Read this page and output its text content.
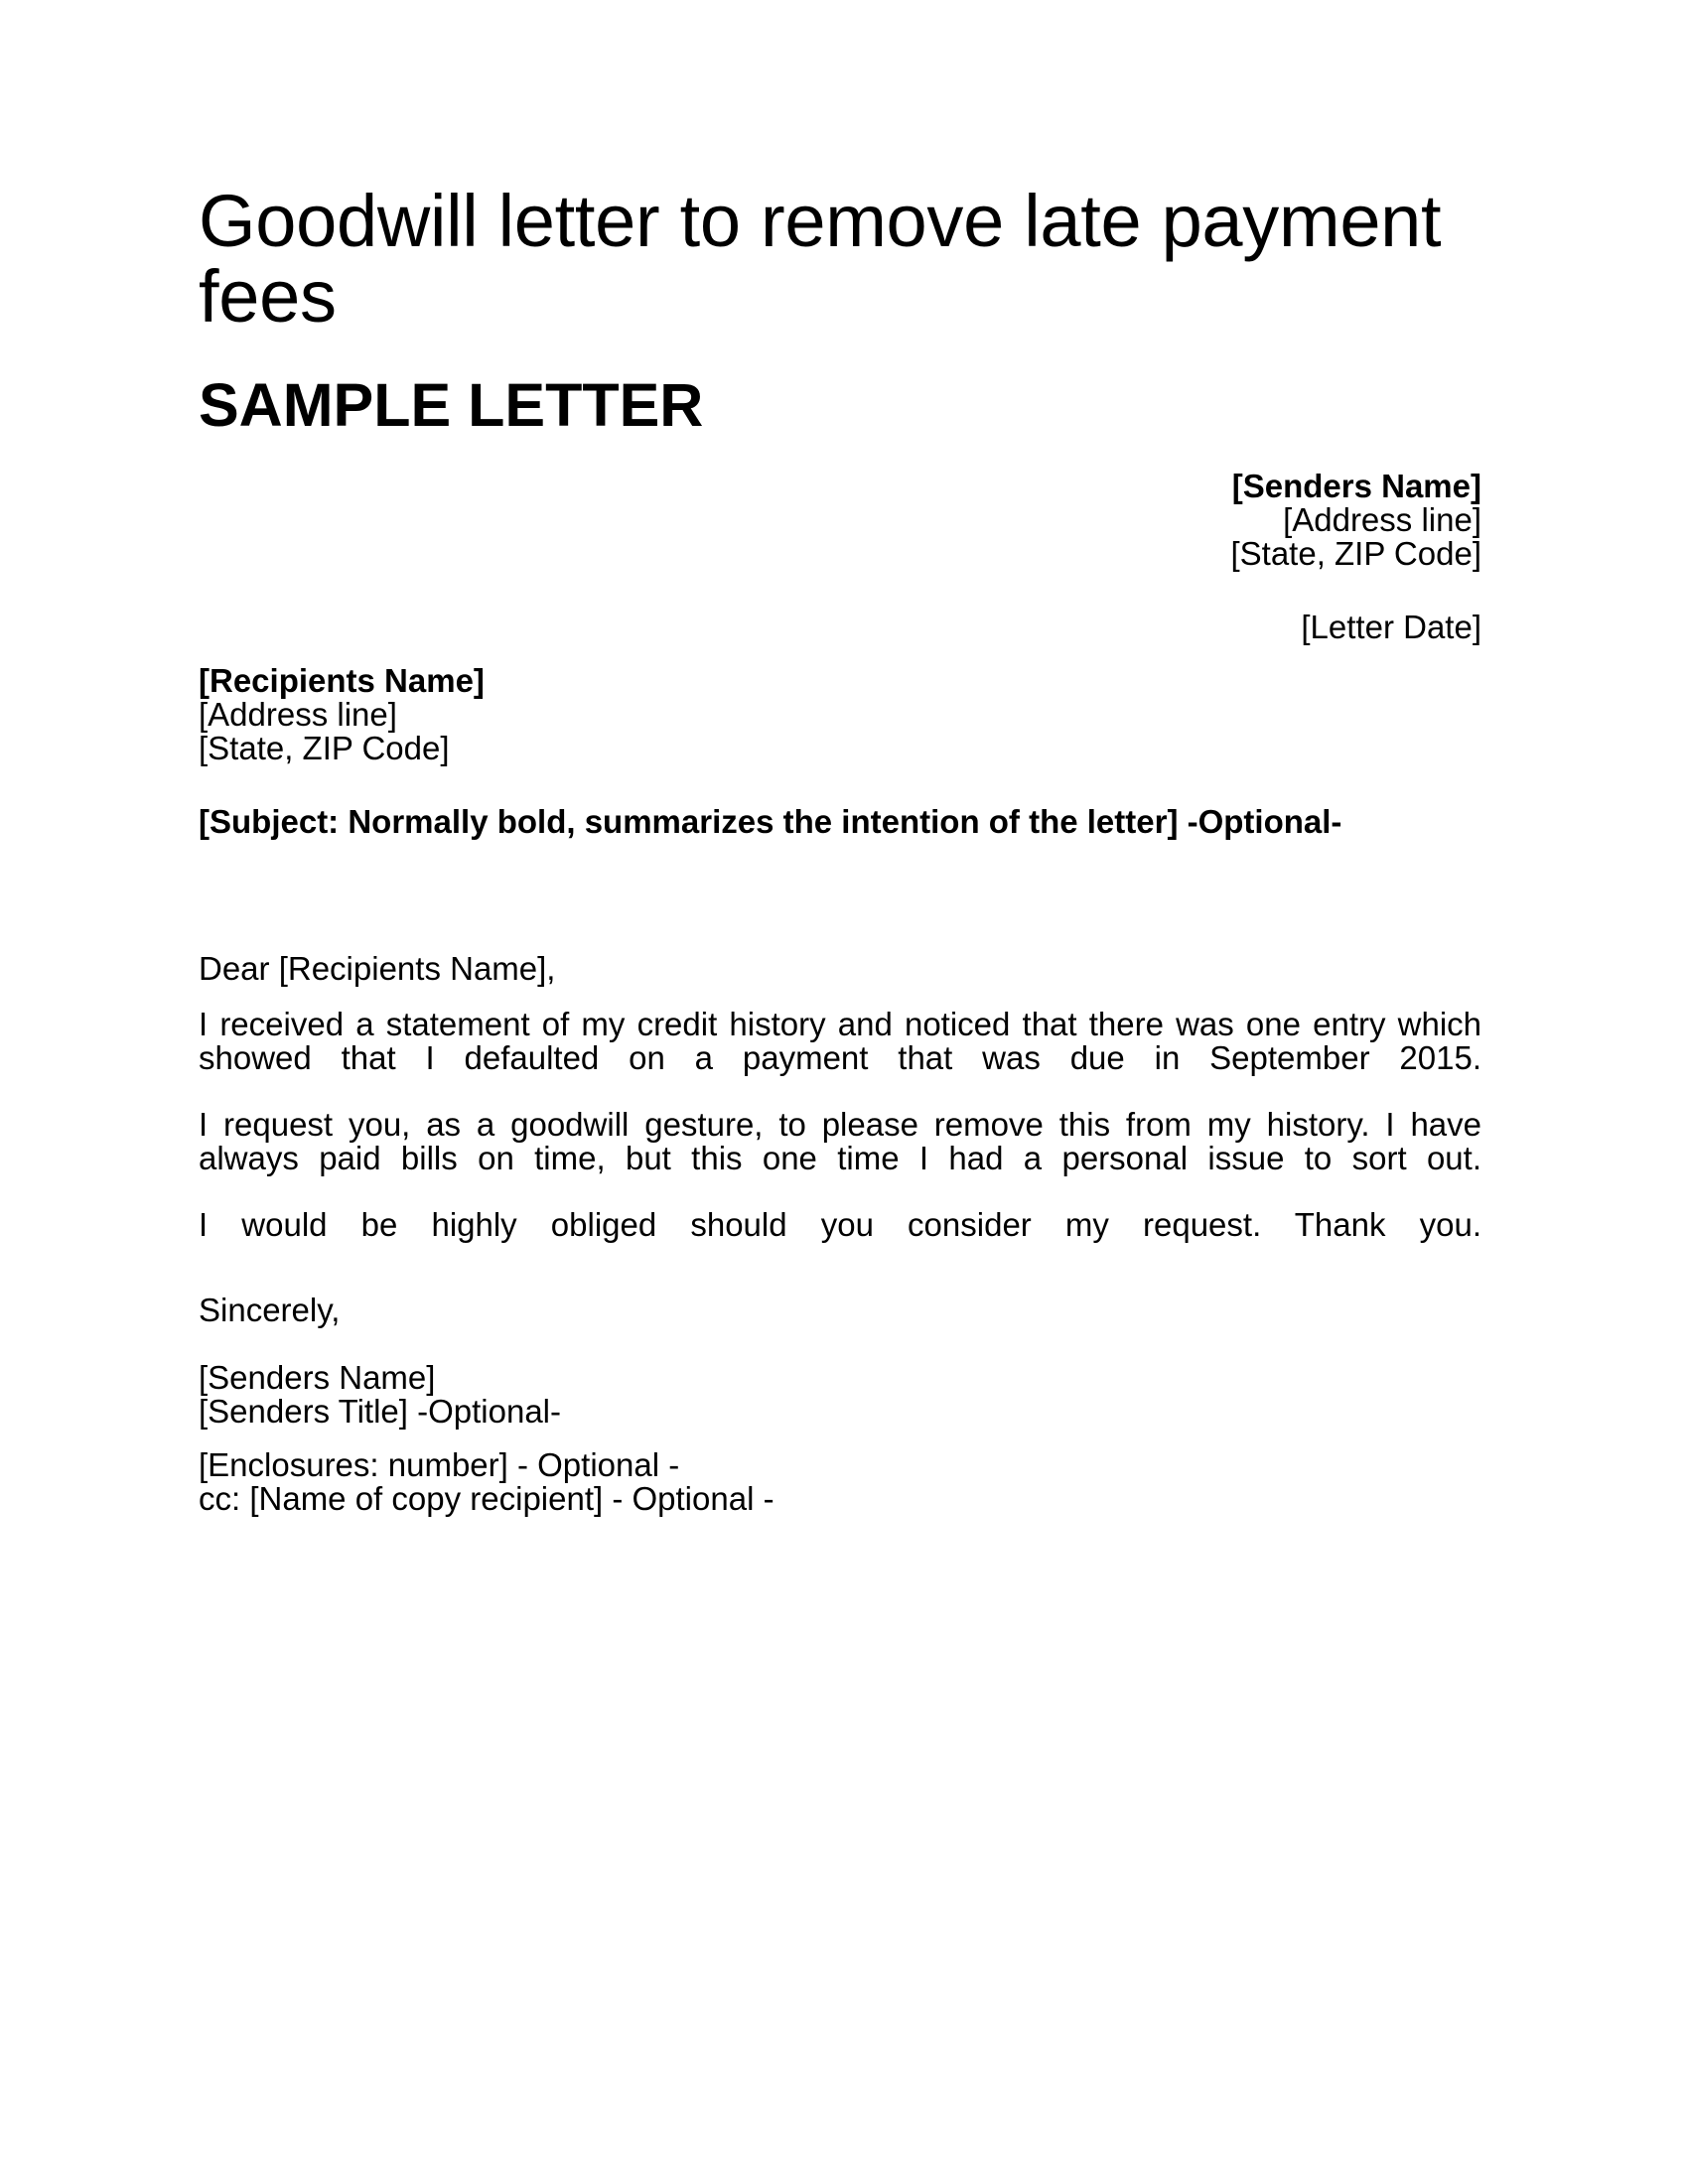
Goodwill letter to remove late payment fees
SAMPLE LETTER
[Senders Name]
[Address line]
[State, ZIP Code]
[Letter Date]
[Recipients Name]
[Address line]
[State, ZIP Code]
[Subject: Normally bold, summarizes the intention of the letter] -Optional-
Dear [Recipients Name],

I received a statement of my credit history and noticed that there was one entry which showed that I defaulted on a payment that was due in September 2015.

I request you, as a goodwill gesture, to please remove this from my history. I have always paid bills on time, but this one time I had a personal issue to sort out.

I would be highly obliged should you consider my request. Thank you.

Sincerely,
[Senders Name]
[Senders Title] -Optional-
[Enclosures: number] - Optional -
cc: [Name of copy recipient] - Optional -
